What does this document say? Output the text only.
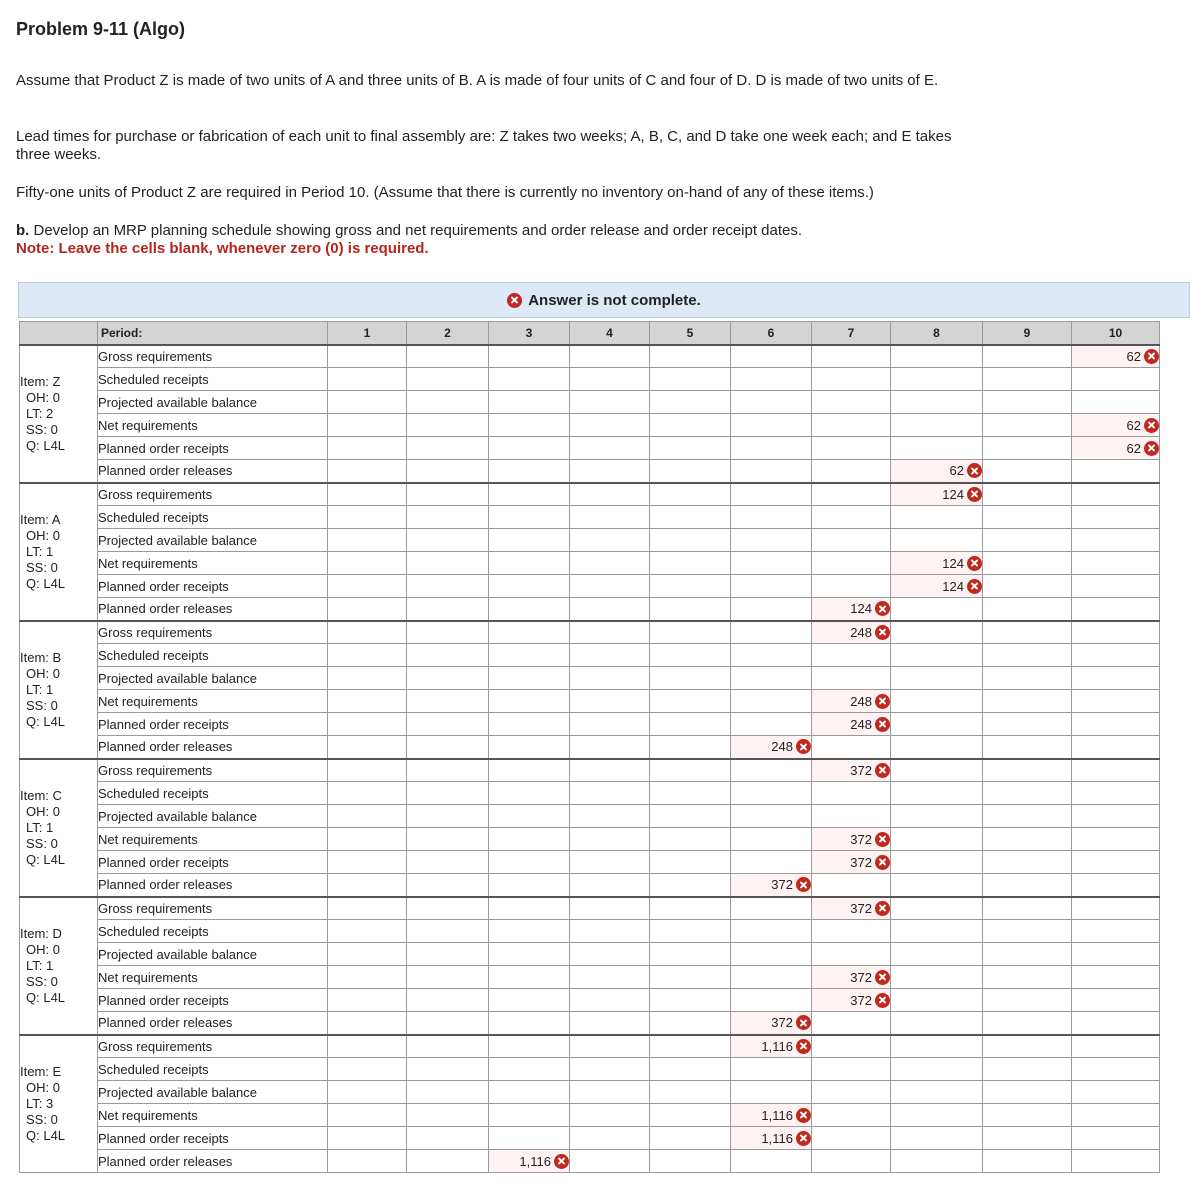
Problem 9-11 (Algo)

Assume that Product Z is made of two units of A and three units of B. A is made of four units of C and four of D. D is made of two units of E.

Lead times for purchase or fabrication of each unit to final assembly are: Z takes two weeks; A, B, C, and D take one week each; and E takes three weeks.

Fifty-one units of Product Z are required in Period 10. (Assume that there is currently no inventory on-hand of any of these items.)

b. Develop an MRP planning schedule showing gross and net requirements and order release and order receipt dates.
Note: Leave the cells blank, whenever zero (0) is required.

Answer is not complete.
	Period:	1	2	3	4	5	6	7	8	9	10

Item: Z
OH: 0
LT: 2
SS: 0
Q: L4L	Gross requirements										62

	Scheduled receipts										
	Projected available balance										
	Net requirements										62

	Planned order receipts										62

	Planned order releases								62		

Item: A
OH: 0
LT: 1
SS: 0
Q: L4L	Gross requirements								124		

	Scheduled receipts										
	Projected available balance										
	Net requirements								124		

	Planned order receipts								124		

	Planned order releases							124			

Item: B
OH: 0
LT: 1
SS: 0
Q: L4L	Gross requirements							248			

	Scheduled receipts										
	Projected available balance										
	Net requirements							248			

	Planned order receipts							248			

	Planned order releases						248				

Item: C
OH: 0
LT: 1
SS: 0
Q: L4L	Gross requirements							372			

	Scheduled receipts										
	Projected available balance										
	Net requirements							372			

	Planned order receipts							372			

	Planned order releases						372				

Item: D
OH: 0
LT: 1
SS: 0
Q: L4L	Gross requirements							372			

	Scheduled receipts										
	Projected available balance										
	Net requirements							372			

	Planned order receipts							372			

	Planned order releases						372				

Item: E
OH: 0
LT: 3
SS: 0
Q: L4L	Gross requirements						1,116				

	Scheduled receipts										
	Projected available balance										
	Net requirements						1,116				

	Planned order receipts						1,116				

	Planned order releases			1,116							
